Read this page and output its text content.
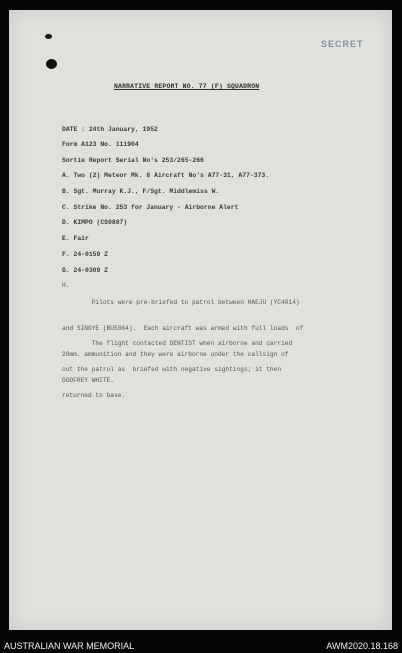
SECRET
NARRATIVE REPORT NO. 77 (F) SQUADRON
DATE : 24th January, 1952
Form A123 No. 111904
Sortie Report Serial No's 253/265-266
A. Two (2) Meteor Mk. 8 Aircraft No's A77-31, A77-373.
B. Sgt. Murray K.J., F/Sgt. Middlemiss W.
C. Strike No. 253 for January - Airborne Alert
D. KIMPO (CS0887)
E. Fair
F. 24-0159 Z
G. 24-0309 Z
H.

Pilots were pre-briefed to patrol between HAEJU (YC4014)

and SINGYE (BU5864).  Each aircraft was armed with full loads  of

20mm. ammunition and they were airborne under the callsign of

GODFREY WHITE.

The flight contacted DENTIST when airborne and carried

out the patrol as  briefed with negative sightings; it then

returned to base.

AUSTRALIAN WAR MEMORIAL	AWM2020.18.168
